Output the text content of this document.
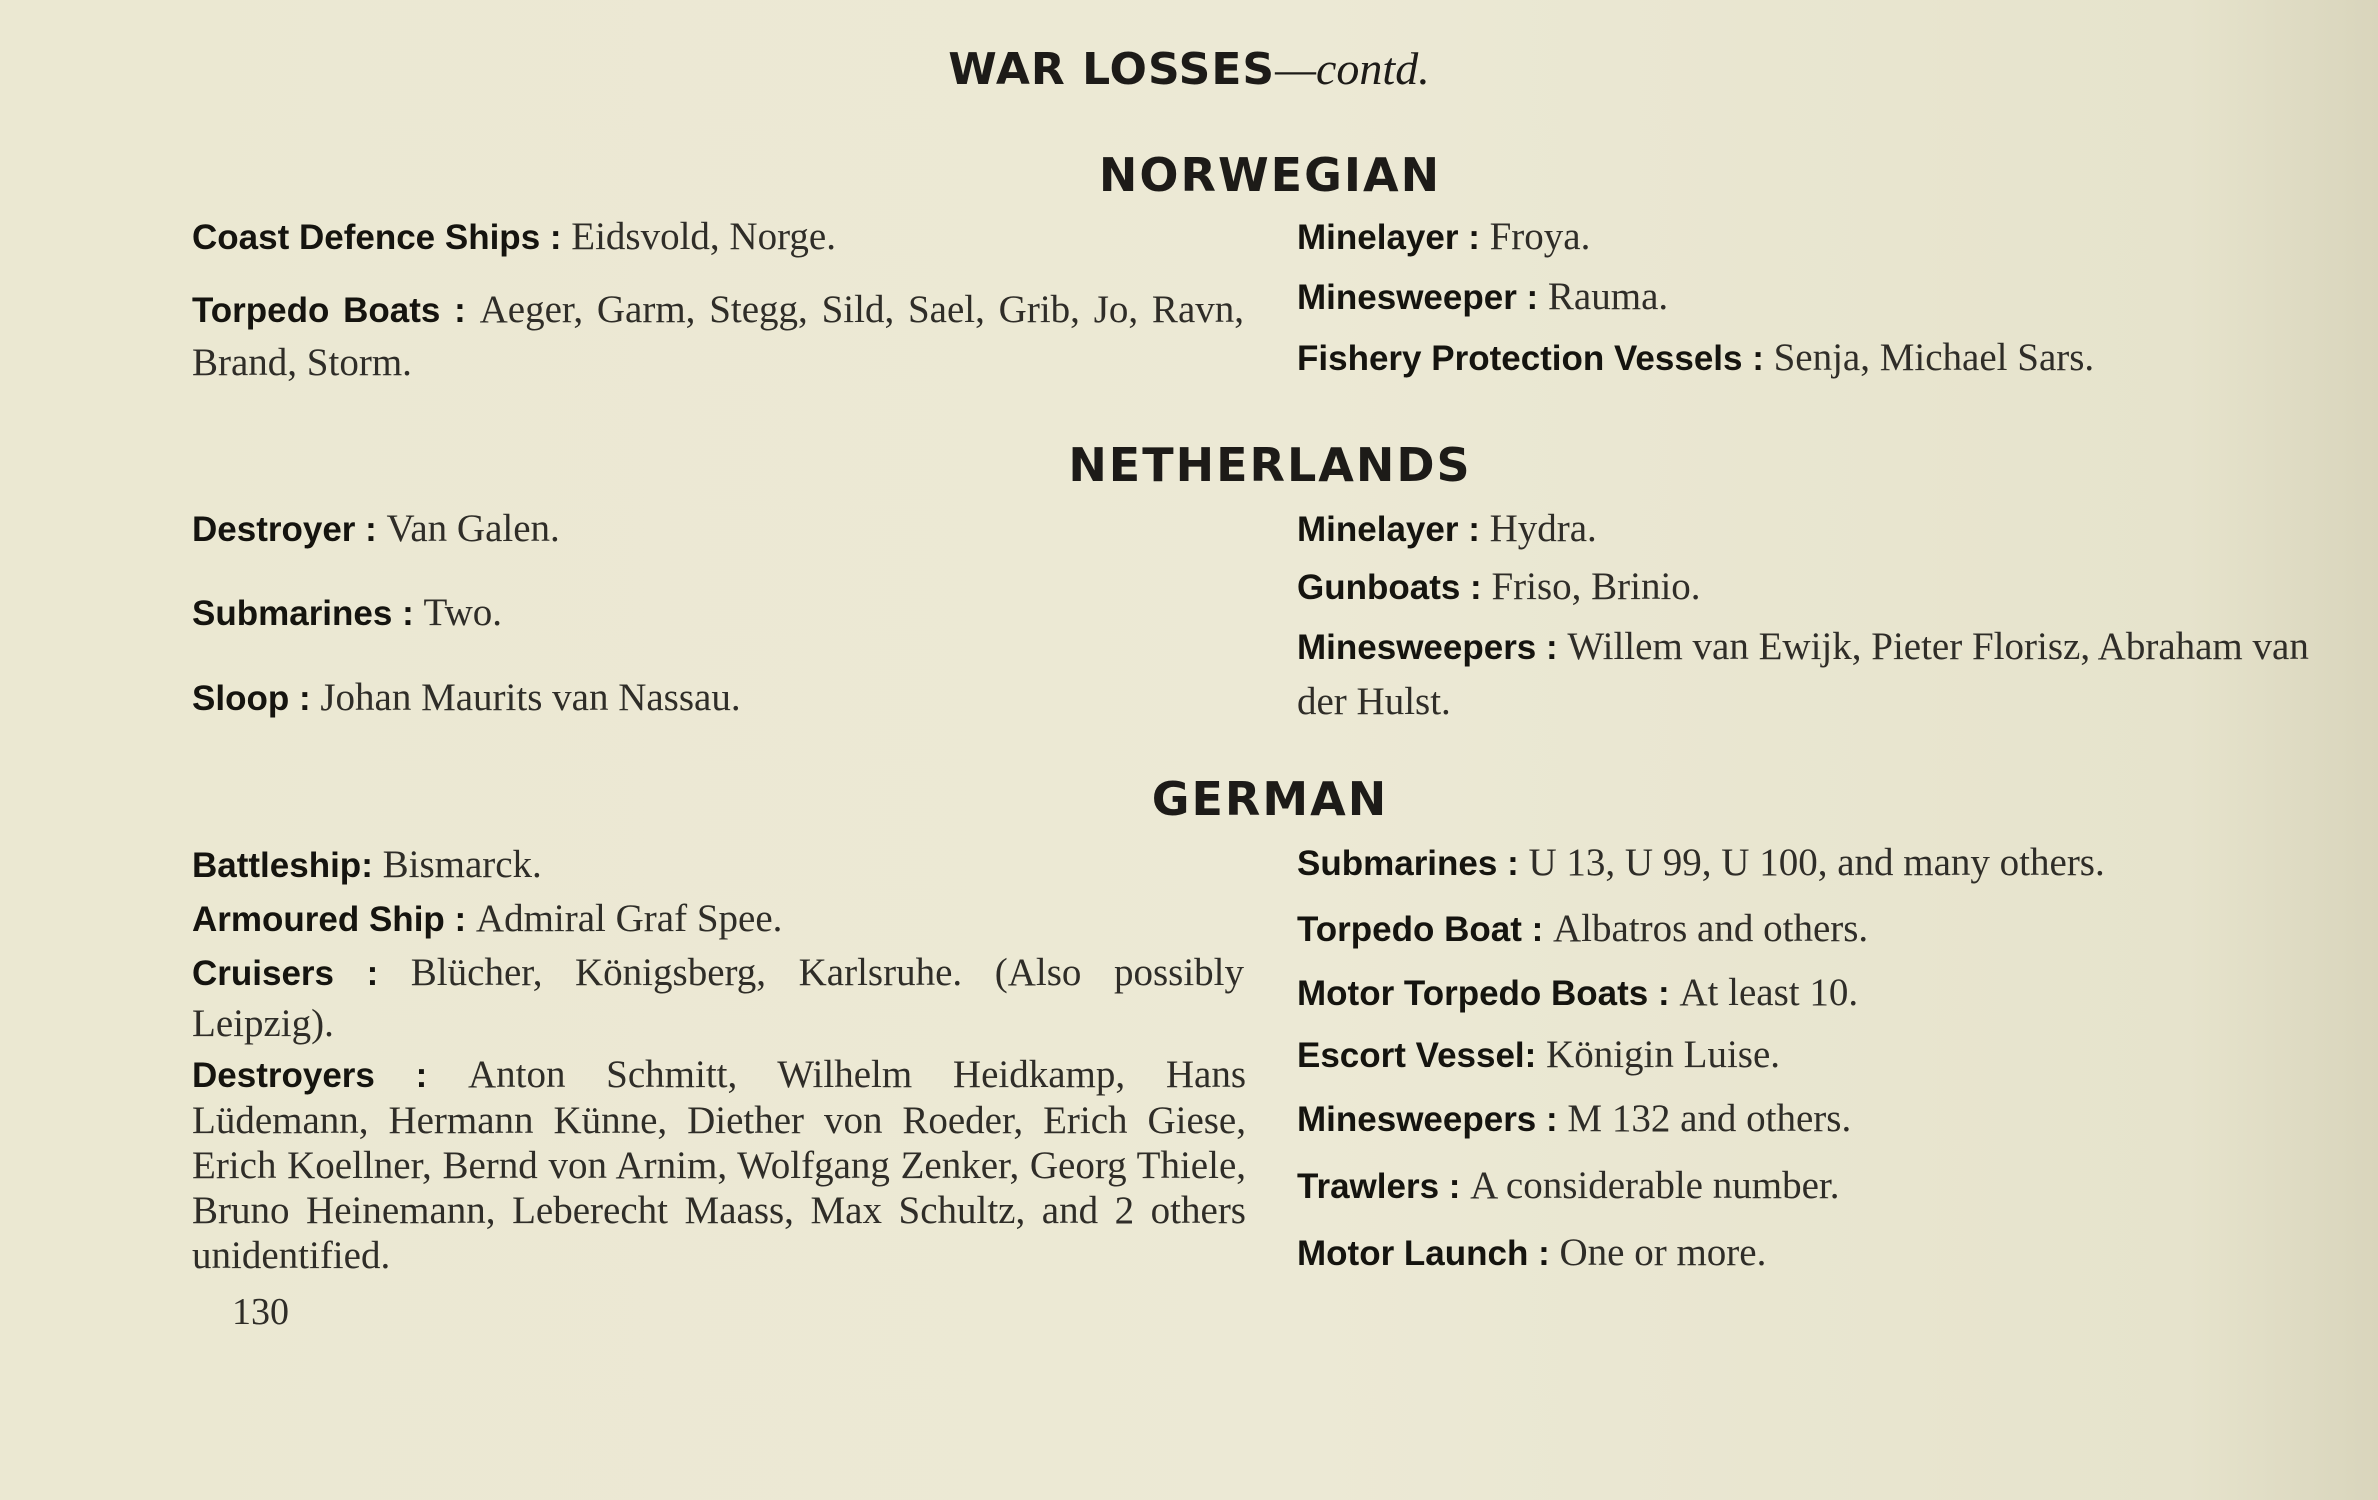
WAR LOSSES—contd.
NORWEGIAN
Coast Defence Ships : Eidsvold, Norge.
Torpedo Boats : Aeger, Garm, Stegg, Sild, Sael, Grib, Jo, Ravn, Brand, Storm.
Minelayer : Froya.
Minesweeper : Rauma.
Fishery Protection Vessels : Senja, Michael Sars.
NETHERLANDS
Destroyer : Van Galen.
Submarines : Two.
Sloop : Johan Maurits van Nassau.
Minelayer : Hydra.
Gunboats : Friso, Brinio.
Minesweepers : Willem van Ewijk, Pieter Florisz, Abraham van der Hulst.
GERMAN
Battleship: Bismarck.
Armoured Ship : Admiral Graf Spee.
Cruisers : Blücher, Königsberg, Karlsruhe. (Also possibly Leipzig).
Destroyers : Anton Schmitt, Wilhelm Heidkamp, Hans Lüdemann, Hermann Künne, Diether von Roeder, Erich Giese, Erich Koellner, Bernd von Arnim, Wolfgang Zenker, Georg Thiele, Bruno Heinemann, Leberecht Maass, Max Schultz, and 2 others unidentified.
Submarines : U 13, U 99, U 100, and many others.
Torpedo Boat : Albatros and others.
Motor Torpedo Boats : At least 10.
Escort Vessel: Königin Luise.
Minesweepers : M 132 and others.
Trawlers : A considerable number.
Motor Launch : One or more.
130
